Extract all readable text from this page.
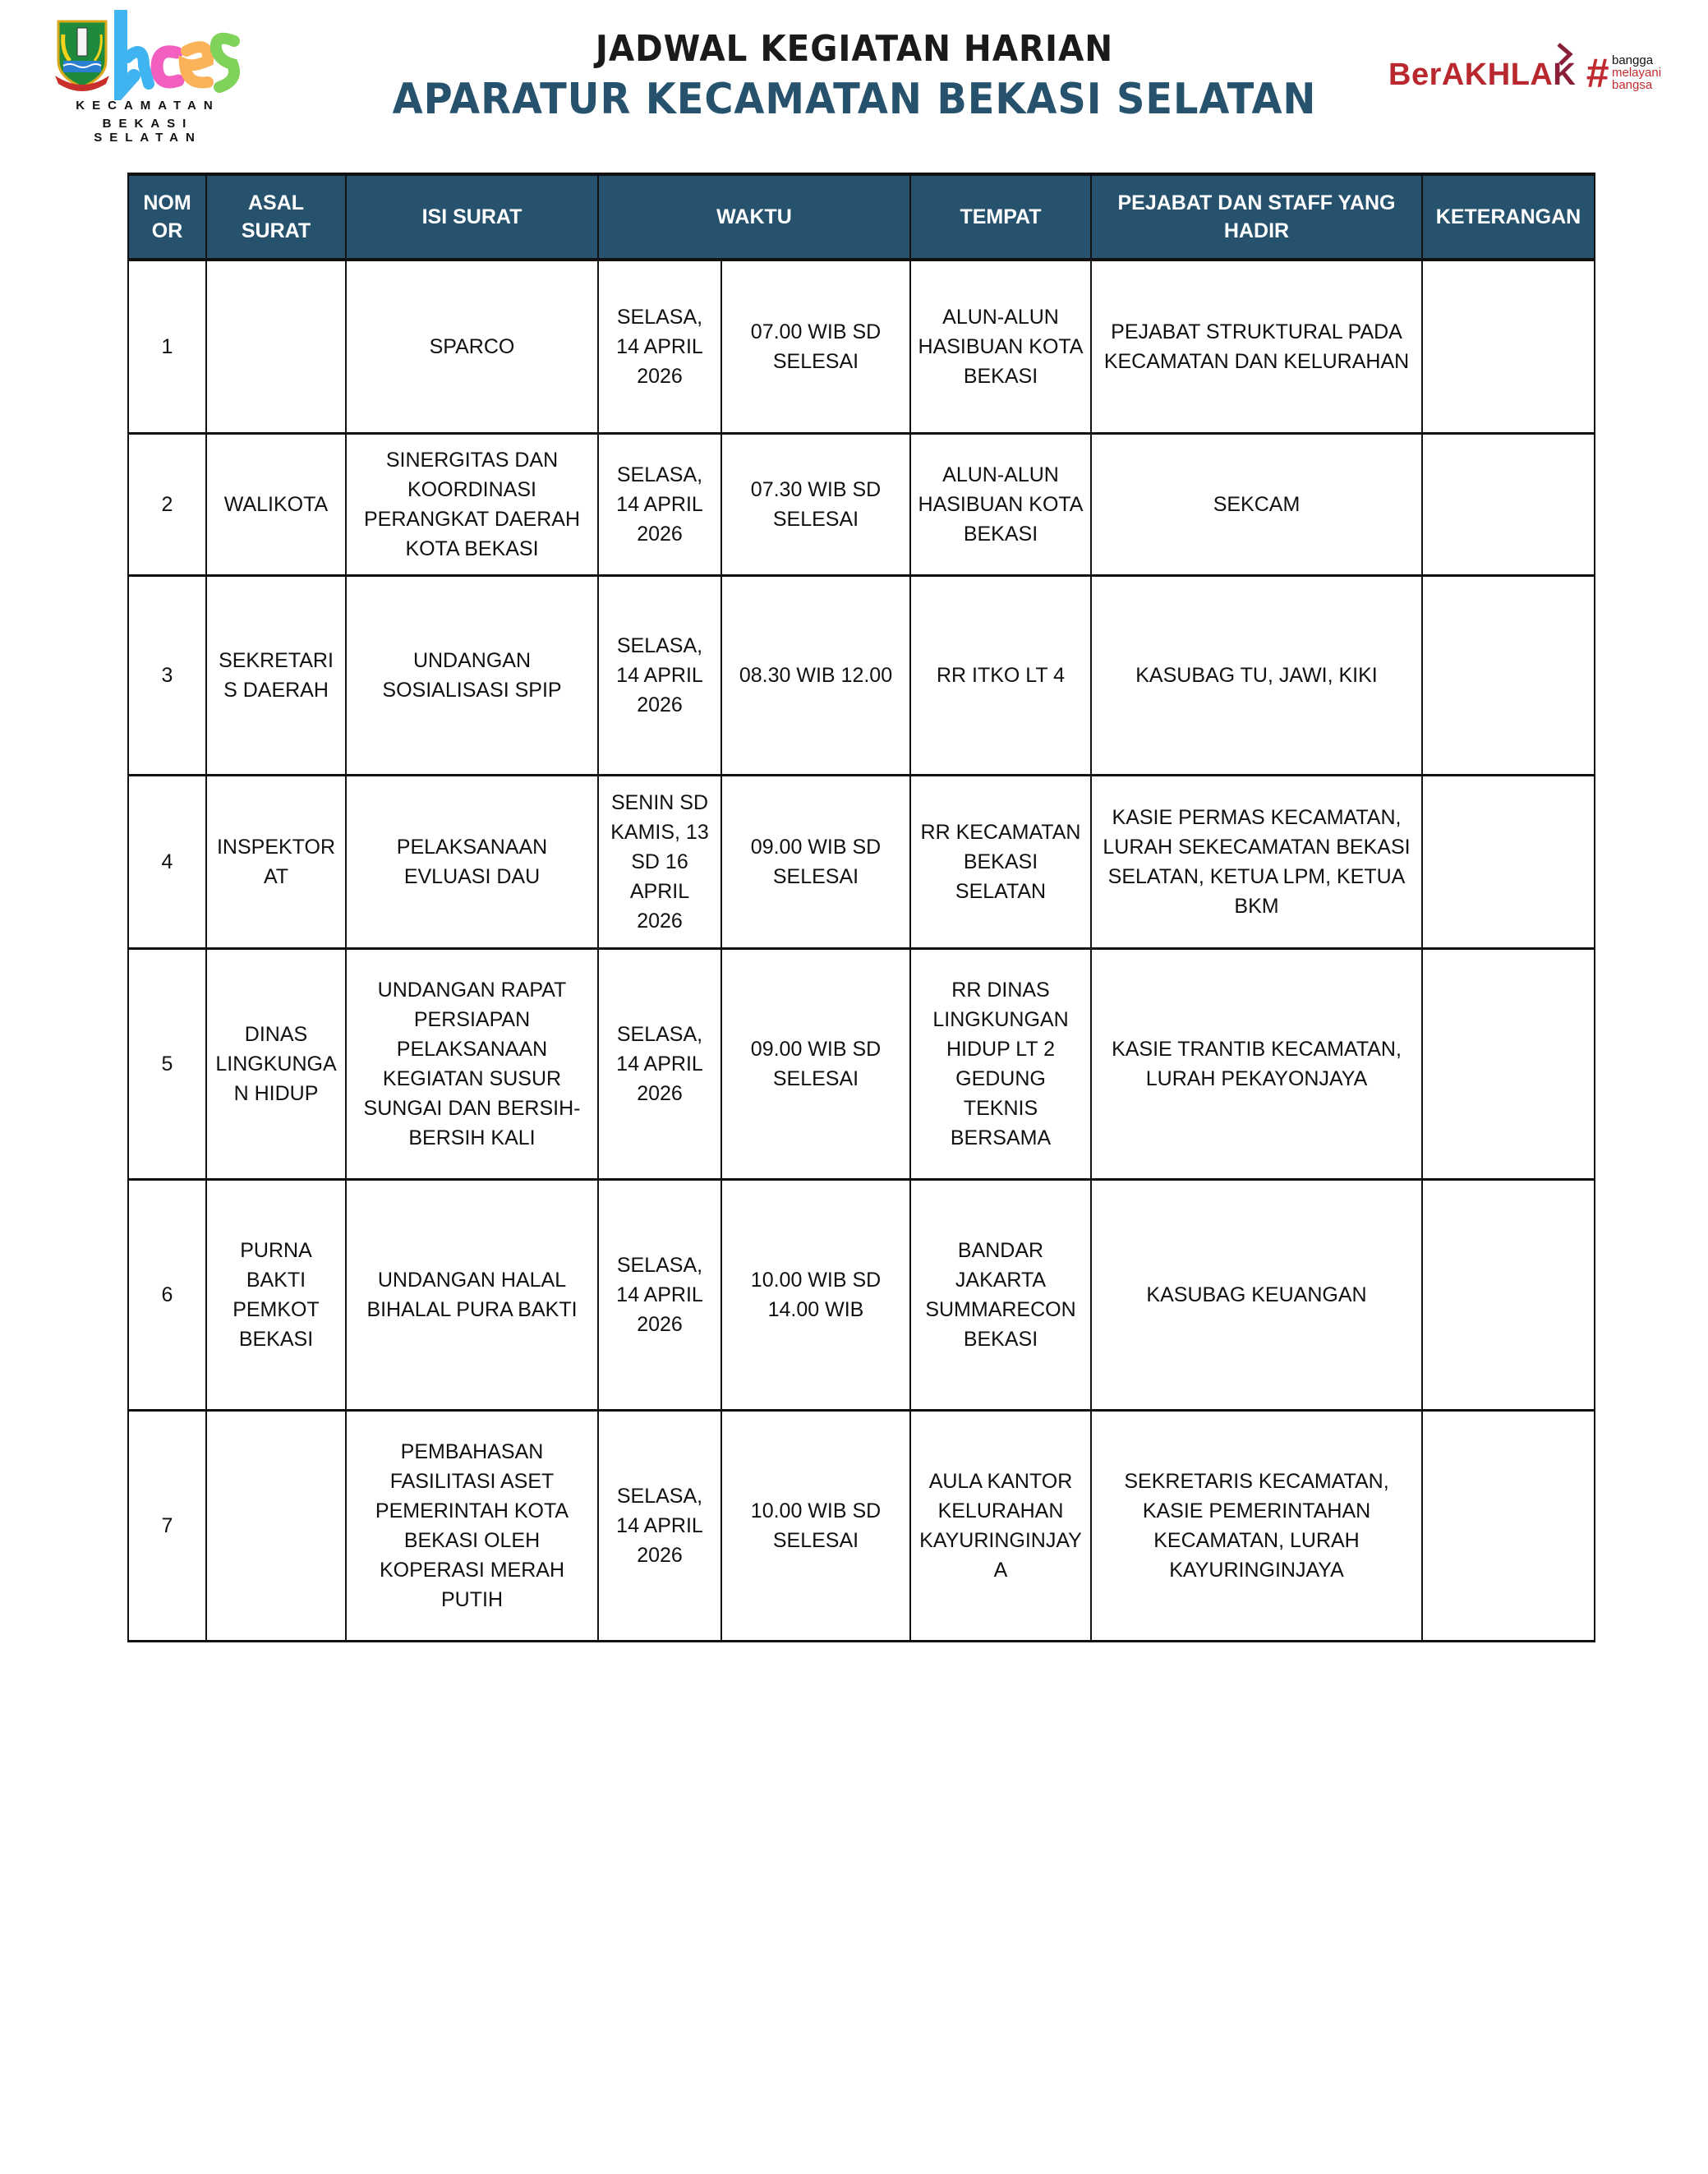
KECAMATAN
BEKASI SELATAN
JADWAL KEGIATAN HARIAN
APARATUR KECAMATAN BEKASI SELATAN BerAKHLAK # bangga
melayani
bangsa
NOMOR	ASAL SURAT	ISI SURAT	WAKTU		TEMPAT	PEJABAT DAN STAFF YANG HADIR	KETERANGAN
1		SPARCO	SELASA, 14 APRIL 2026	07.00 WIB SD SELESAI	ALUN-ALUN HASIBUAN KOTA BEKASI	PEJABAT STRUKTURAL PADA KECAMATAN DAN KELURAHAN	
2	WALIKOTA	SINERGITAS DAN KOORDINASI PERANGKAT DAERAH KOTA BEKASI	SELASA, 14 APRIL 2026	07.30 WIB SD SELESAI	ALUN-ALUN HASIBUAN KOTA BEKASI	SEKCAM	
3	SEKRETARIS DAERAH	UNDANGAN SOSIALISASI SPIP	SELASA, 14 APRIL 2026	08.30 WIB 12.00	RR ITKO LT 4	KASUBAG TU, JAWI, KIKI	
4	INSPEKTORAT	PELAKSANAAN EVLUASI DAU	SENIN SD KAMIS, 13 SD 16 APRIL 2026	09.00 WIB SD SELESAI	RR KECAMATAN BEKASI SELATAN	KASIE PERMAS KECAMATAN, LURAH SEKECAMATAN BEKASI SELATAN, KETUA LPM, KETUA BKM	
5	DINAS LINGKUNGAN HIDUP	UNDANGAN RAPAT PERSIAPAN PELAKSANAAN KEGIATAN SUSUR SUNGAI DAN BERSIH-BERSIH KALI	SELASA, 14 APRIL 2026	09.00 WIB SD SELESAI	RR DINAS LINGKUNGAN HIDUP LT 2 GEDUNG TEKNIS BERSAMA	KASIE TRANTIB KECAMATAN, LURAH PEKAYONJAYA	
6	PURNA BAKTI PEMKOT BEKASI	UNDANGAN HALAL BIHALAL PURA BAKTI	SELASA, 14 APRIL 2026	10.00 WIB SD 14.00 WIB	BANDAR JAKARTA SUMMARECON BEKASI	KASUBAG KEUANGAN	
7		PEMBAHASAN FASILITASI ASET PEMERINTAH KOTA BEKASI OLEH KOPERASI MERAH PUTIH	SELASA, 14 APRIL 2026	10.00 WIB SD SELESAI	AULA KANTOR KELURAHAN KAYURINGINJAYA	SEKRETARIS KECAMATAN, KASIE PEMERINTAHAN KECAMATAN, LURAH KAYURINGINJAYA	
